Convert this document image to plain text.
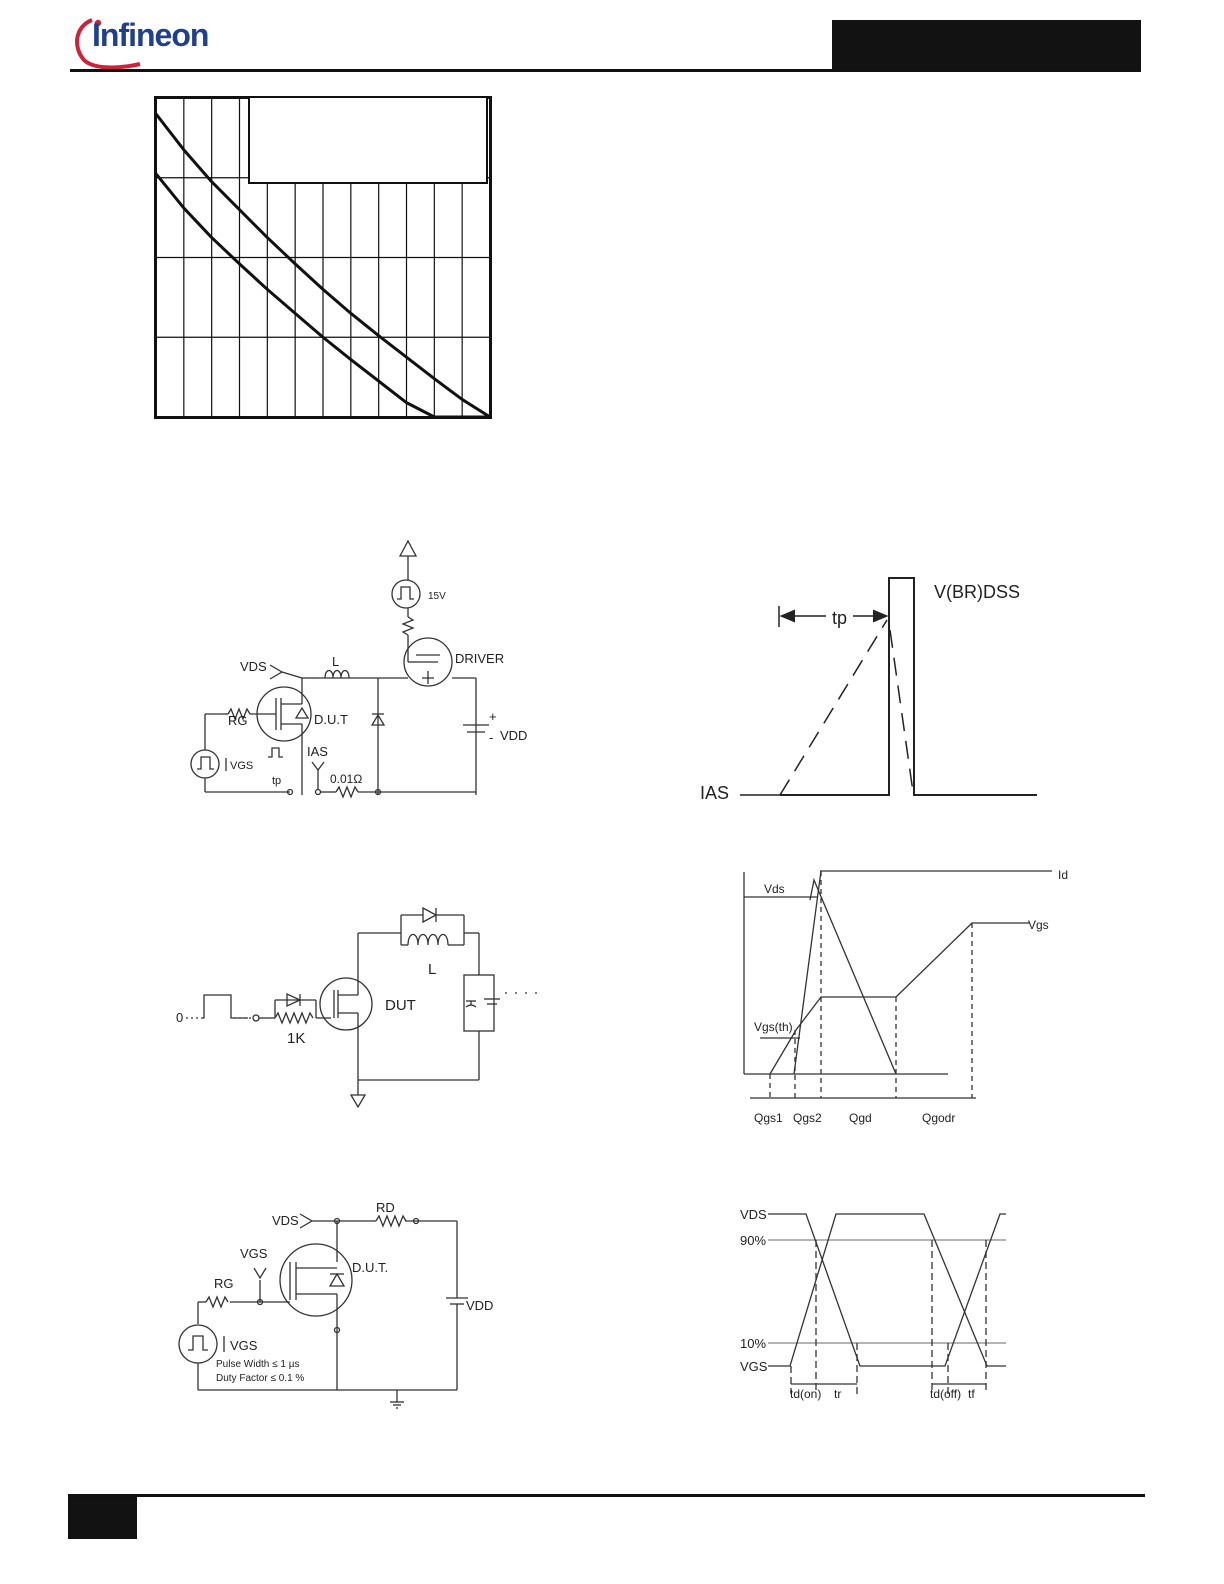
Infineon
15V
DRIVER
VDS	L
RG	D.U.T
IAS
+
- VDD
VGS
tp	0.01Ω
V(BR)DSS
tp
IAS
0
1K
L
DUT
Id
Vds
Vgs
Vgs(th)
Qgs1 Qgs2 Qgd	Qgodr
RD
VDS
VGS
D.U.T.
RG
VDD
VGS
Pulse Width ≤ 1 µs
Duty Factor ≤ 0.1 %
VDS
90%
10%
VGS
td(on) tr	td(off) tf
